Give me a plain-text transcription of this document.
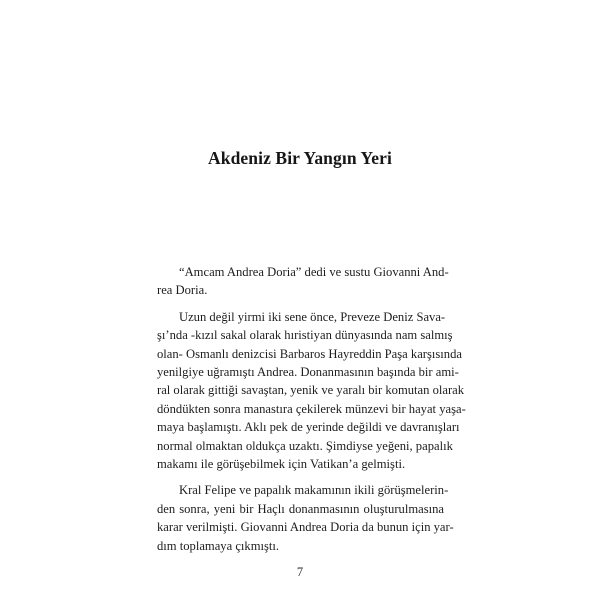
Akdeniz Bir Yangın Yeri

“Amcam Andrea Doria” dedi ve sustu Giovanni And-
rea Doria.

Uzun değil yirmi iki sene önce, Preveze Deniz Sava-
şı’nda -kızıl sakal olarak hıristiyan dünyasında nam salmış
olan- Osmanlı denizcisi Barbaros Hayreddin Paşa karşısında
yenilgiye uğramıştı Andrea. Donanmasının başında bir ami-
ral olarak gittiği savaştan, yenik ve yaralı bir komutan olarak
döndükten sonra manastıra çekilerek münzevi bir hayat yaşa-
maya başlamıştı. Aklı pek de yerinde değildi ve davranışları
normal olmaktan oldukça uzaktı. Şimdiyse yeğeni, papalık
makamı ile görüşebilmek için Vatikan’a gelmişti.

Kral Felipe ve papalık makamının ikili görüşmelerin-
den sonra, yeni bir Haçlı donanmasının oluşturulmasına
karar verilmişti. Giovanni Andrea Doria da bunun için yar-
dım toplamaya çıkmıştı.

7
